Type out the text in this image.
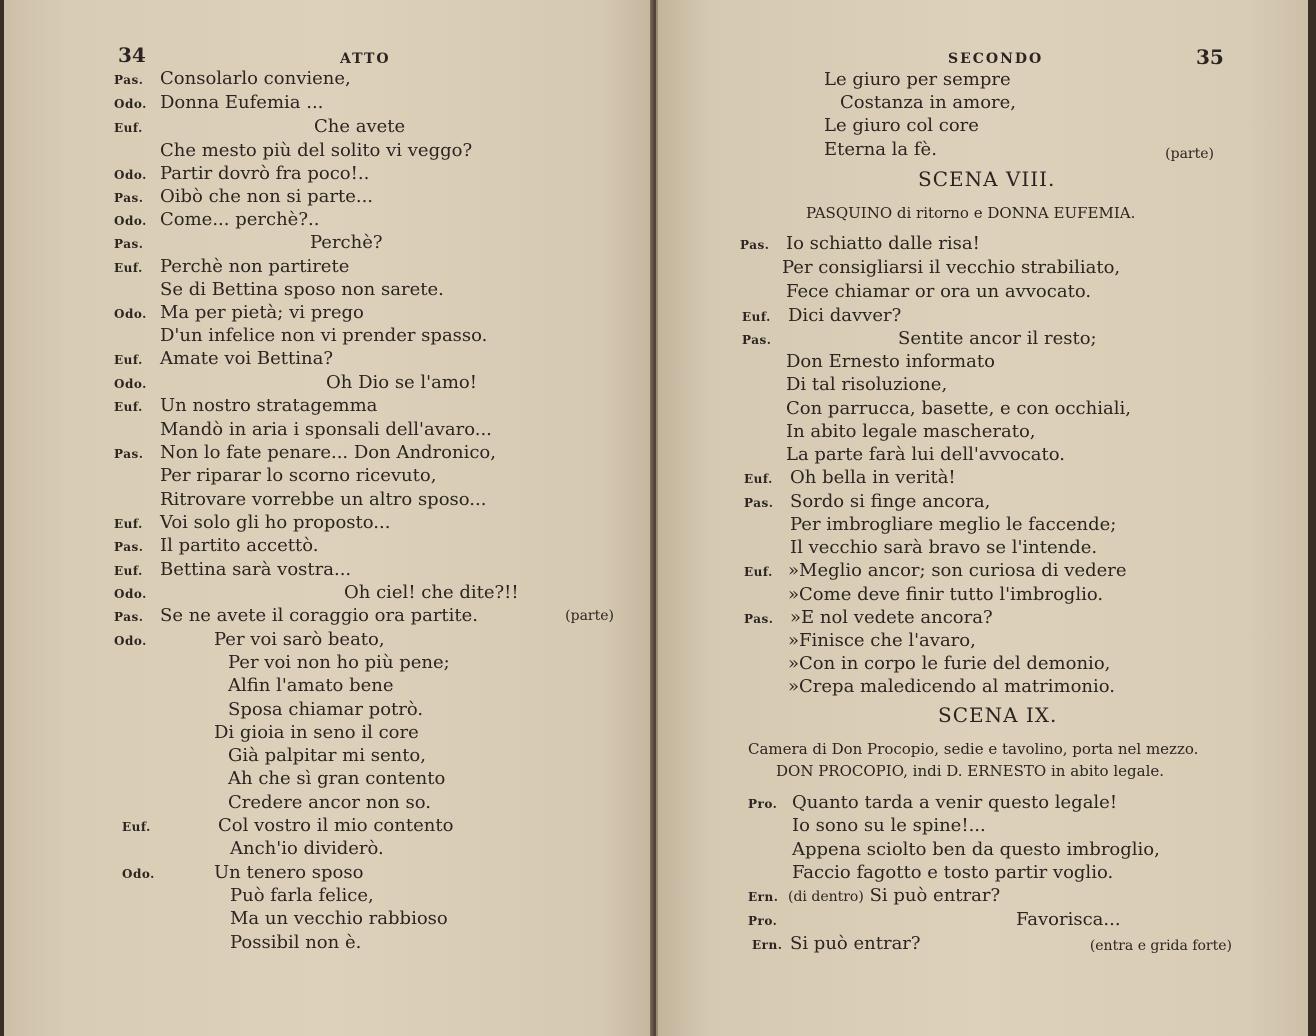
34	ATTO
Pas. Consolarlo conviene,
Odo. Donna Eufemia ...
Euf.	Che avete
Che mesto più del solito vi veggo?
Odo. Partir dovrò fra poco!..
Pas. Oibò che non si parte...
Odo. Come... perchè?..
Pas.	Perchè?
Euf. Perchè non partirete
Se di Bettina sposo non sarete.
Odo. Ma per pietà; vi prego
D'un infelice non vi prender spasso.
Euf. Amate voi Bettina?
Odo.	Oh Dio se l'amo!
Euf. Un nostro stratagemma
Mandò in aria i sponsali dell'avaro...
Pas. Non lo fate penare... Don Andronico,
Per riparar lo scorno ricevuto,
Ritrovare vorrebbe un altro sposo...
Euf. Voi solo gli ho proposto...
Pas. Il partito accettò.
Euf. Bettina sarà vostra...
Odo.	Oh ciel! che dite?!!
Pas. Se ne avete il coraggio ora partite.	(parte)
Odo.	Per voi sarò beato,
Per voi non ho più pene;
Alfin l'amato bene
Sposa chiamar potrò.
Di gioia in seno il core
Già palpitar mi sento,
Ah che sì gran contento
Credere ancor non so.
Euf.	Col vostro il mio contento
Anch'io dividerò.
Odo.	Un tenero sposo
Può farla felice,
Ma un vecchio rabbioso
Possibil non è.
SECONDO	35
Le giuro per sempre
Costanza in amore,
Le giuro col core
Eterna la fè.	(parte)
SCENA VIII.
PASQUINO di ritorno e DONNA EUFEMIA.
Pas. Io schiatto dalle risa!
Per consigliarsi il vecchio strabiliato,
Fece chiamar or ora un avvocato.
Euf. Dici davver?
Pas.	Sentite ancor il resto;
Don Ernesto informato
Di tal risoluzione,
Con parrucca, basette, e con occhiali,
In abito legale mascherato,
La parte farà lui dell'avvocato.
Euf. Oh bella in verità!
Pas. Sordo si finge ancora,
Per imbrogliare meglio le faccende;
Il vecchio sarà bravo se l'intende.
Euf. »Meglio ancor; son curiosa di vedere
»Come deve finir tutto l'imbroglio.
Pas. »E nol vedete ancora?
»Finisce che l'avaro,
»Con in corpo le furie del demonio,
»Crepa maledicendo al matrimonio.
SCENA IX.
Camera di Don Procopio, sedie e tavolino, porta nel mezzo.
DON PROCOPIO, indi D. ERNESTO in abito legale.
Pro. Quanto tarda a venir questo legale!
Io sono su le spine!...
Appena sciolto ben da questo imbroglio,
Faccio fagotto e tosto partir voglio.
Ern. (di dentro) Si può entrar?
Pro.	Favorisca...
Ern. Si può entrar?	(entra e grida forte)
